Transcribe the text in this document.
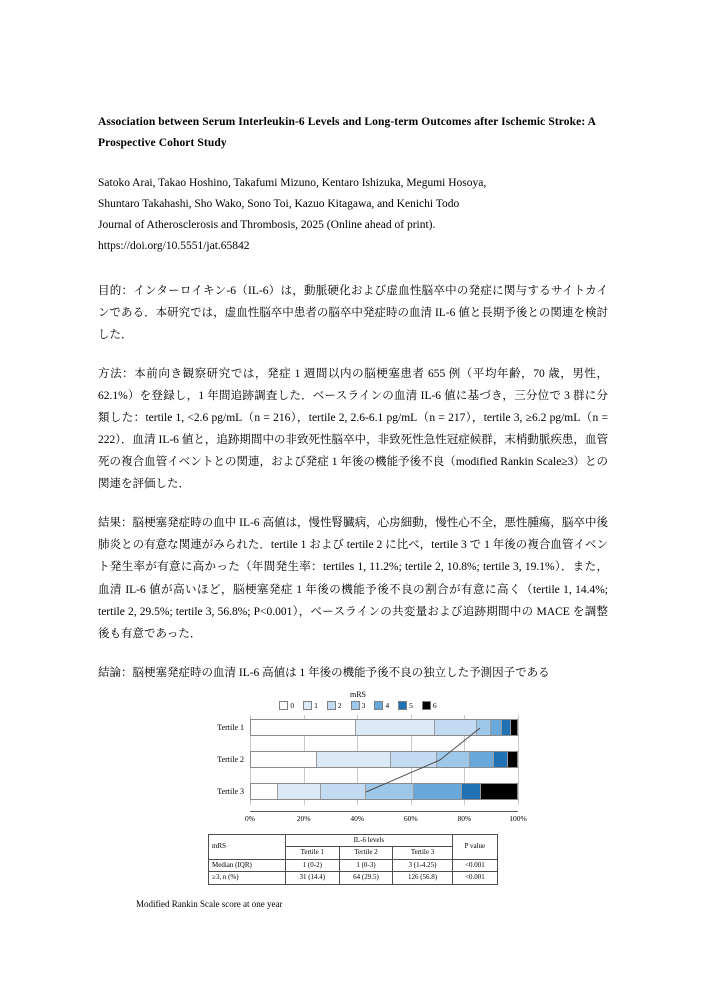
Association between Serum Interleukin-6 Levels and Long-term Outcomes after Ischemic Stroke: A Prospective Cohort Study
Satoko Arai, Takao Hoshino, Takafumi Mizuno, Kentaro Ishizuka, Megumi Hosoya,
Shuntaro Takahashi, Sho Wako, Sono Toi, Kazuo Kitagawa, and Kenichi Todo
Journal of Atherosclerosis and Thrombosis, 2025 (Online ahead of print).
https://doi.org/10.5551/jat.65842
目的：インターロイキン-6（IL-6）は，動脈硬化および虚血性脳卒中の発症に関与するサイトカインである．本研究では，虚血性脳卒中患者の脳卒中発症時の血清 IL-6 値と長期予後との関連を検討した．
方法：本前向き観察研究では，発症 1 週間以内の脳梗塞患者 655 例（平均年齢，70 歳，男性，62.1%）を登録し，1 年間追跡調査した．ベースラインの血清 IL-6 値に基づき，三分位で 3 群に分類した：tertile 1, <2.6 pg/mL（n = 216），tertile 2, 2.6-6.1 pg/mL（n = 217），tertile 3, ≥6.2 pg/mL（n = 222）．血清 IL-6 値と，追跡期間中の非致死性脳卒中，非致死性急性冠症候群，末梢動脈疾患，血管死の複合血管イベントとの関連，および発症 1 年後の機能予後不良（modified Rankin Scale≥3）との関連を評価した．
結果：脳梗塞発症時の血中 IL-6 高値は，慢性腎臓病，心房細動，慢性心不全，悪性腫瘍，脳卒中後肺炎との有意な関連がみられた．tertile 1 および tertile 2 に比べ，tertile 3 で 1 年後の複合血管イベント発生率が有意に高かった（年間発生率：tertiles 1, 11.2%; tertile 2, 10.8%; tertile 3, 19.1%）．また，血清 IL-6 値が高いほど，脳梗塞発症 1 年後の機能予後不良の割合が有意に高く（tertile 1, 14.4%; tertile 2, 29.5%; tertile 3, 56.8%; P<0.001），ベースラインの共変量および追跡期間中の MACE を調整後も有意であった．
結論：脳梗塞発症時の血清 IL-6 高値は 1 年後の機能予後不良の独立した予測因子である
mRS
0	1	2	3	4	5	6
Tertile 1
Tertile 2
Tertile 3
0%	20%	40%	60%	80%	100%
mRS	IL-6 levels			P value
	Tertile 1	Tertile 2	Tertile 3	
Median (IQR)	1 (0-2)	1 (0-3)	3 (1-4.25)	<0.001
≥3, n (%)	31 (14.4)	64 (29.5)	126 (56.8)	<0.001
Modified Rankin Scale score at one year
